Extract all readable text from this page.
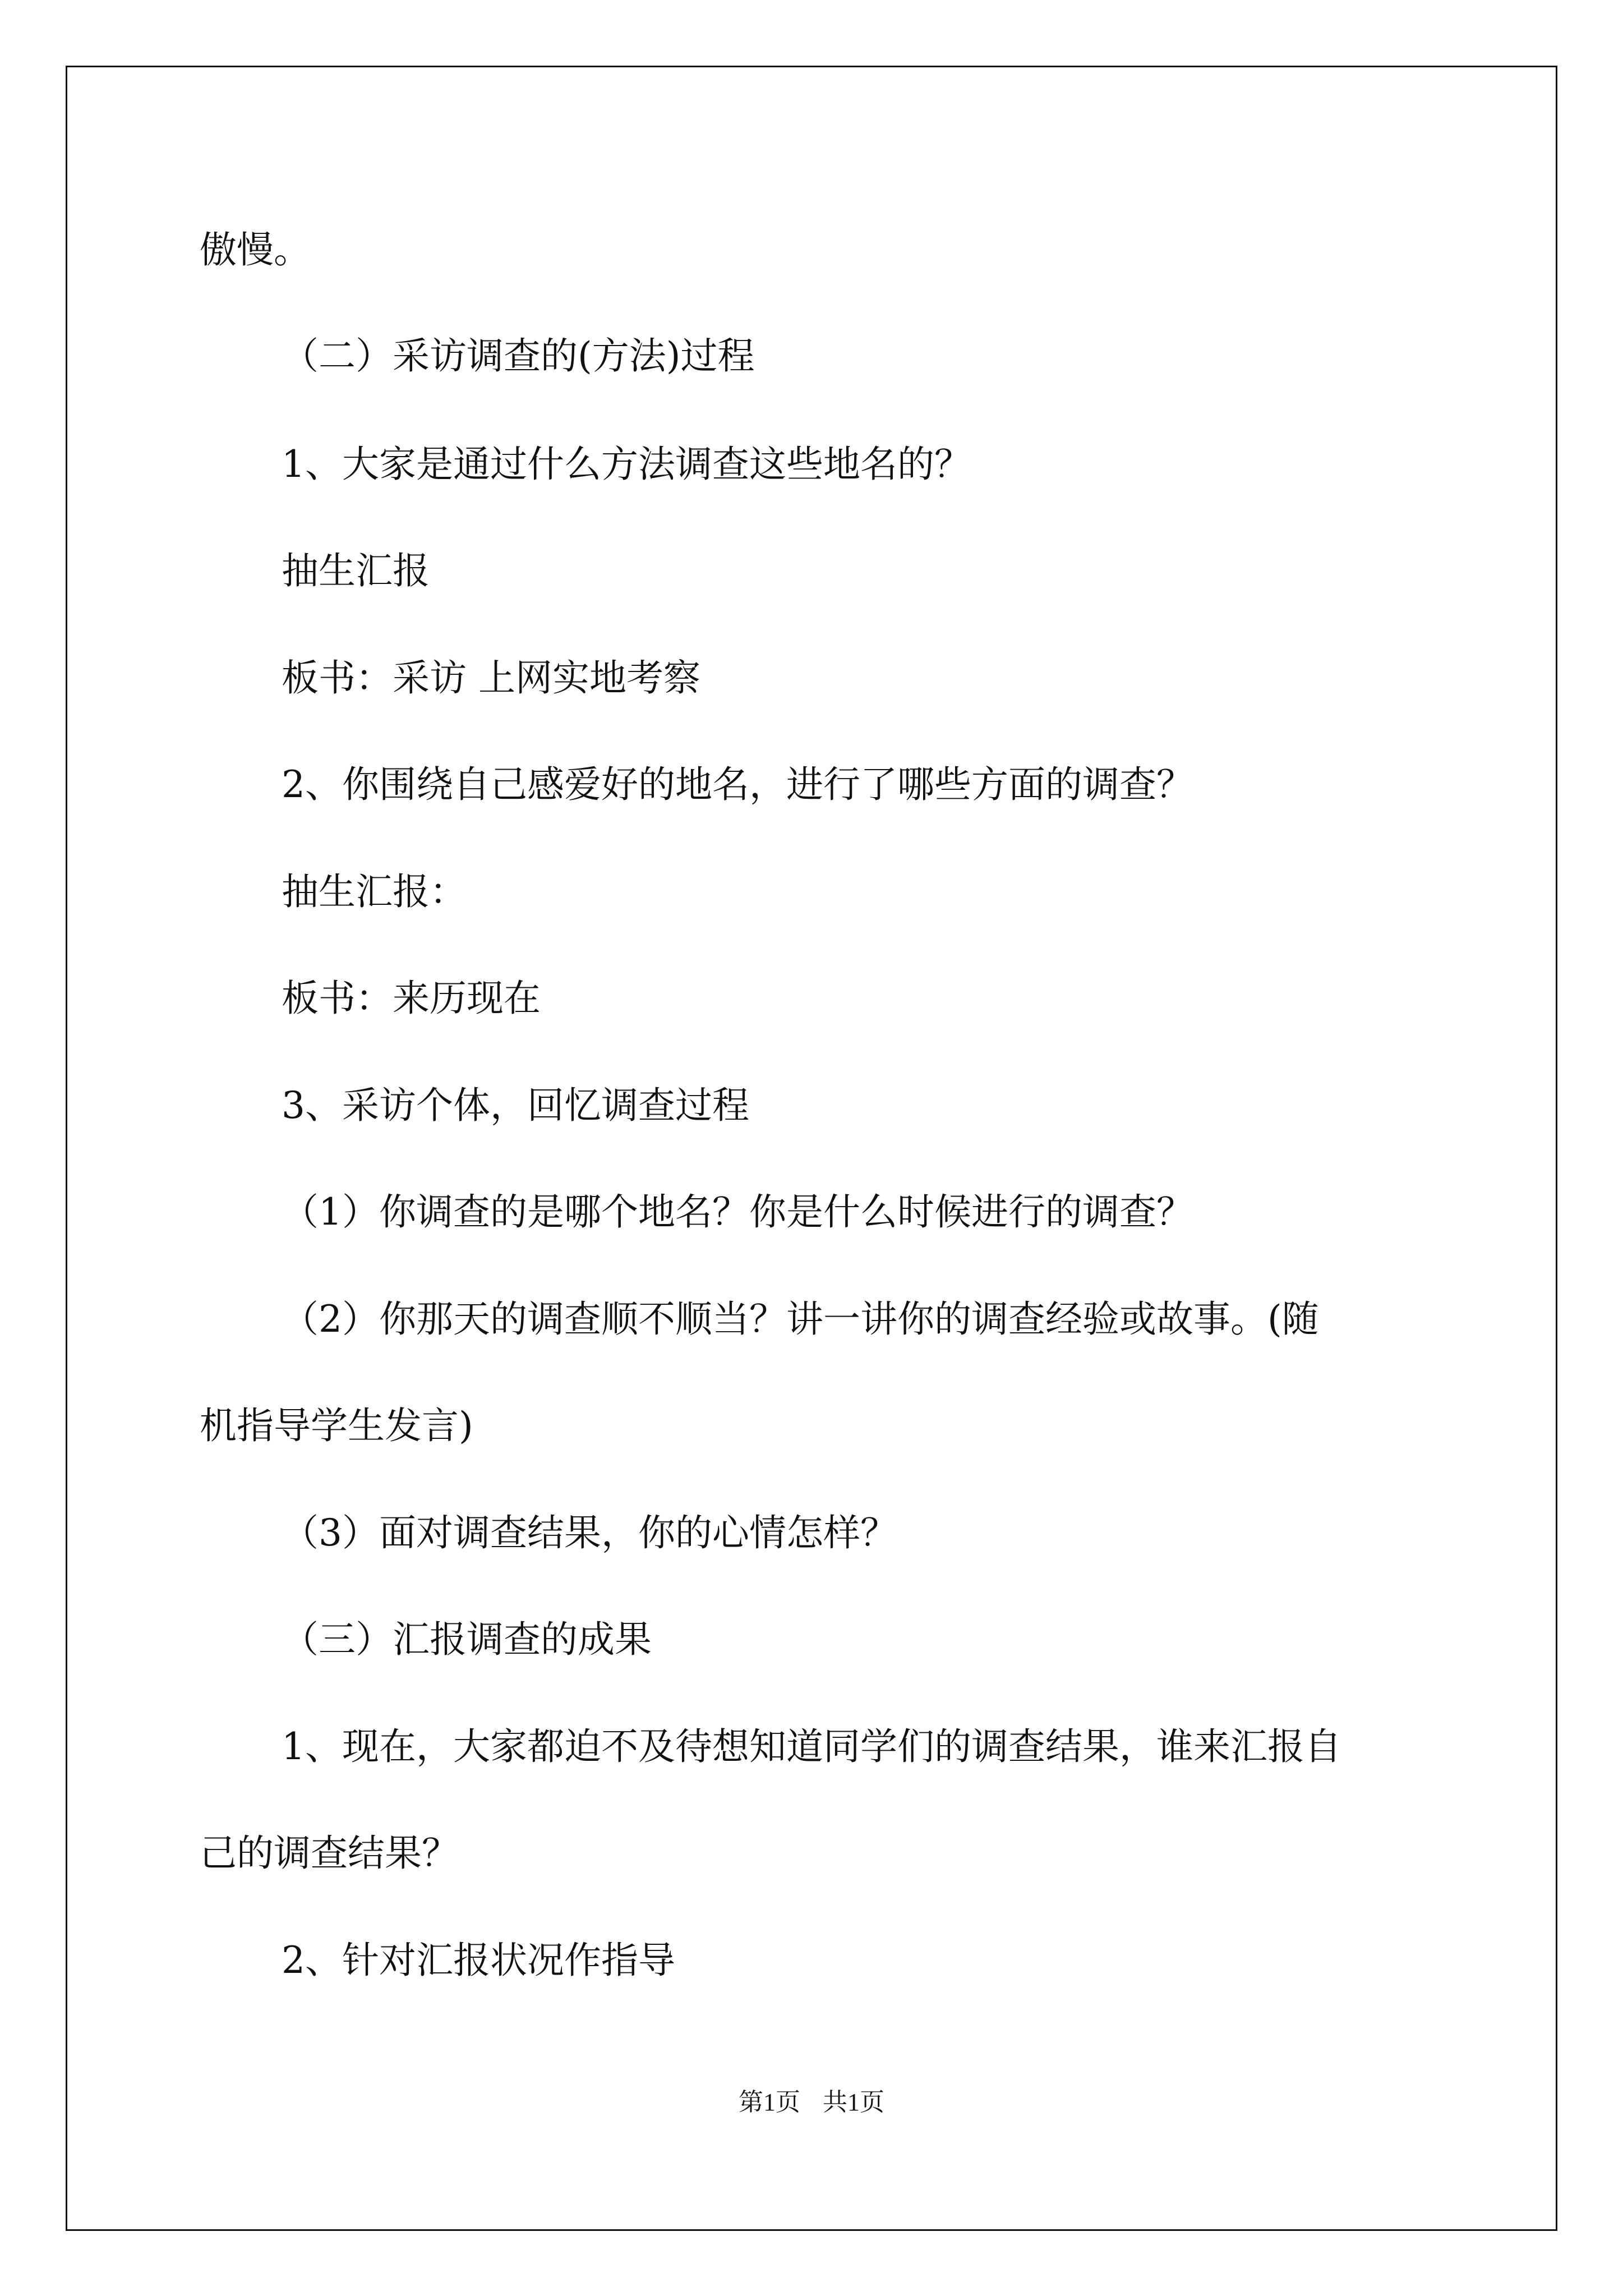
傲慢。
（二）采访调查的(方法)过程
1、大家是通过什么方法调查这些地名的？
抽生汇报
板书：采访 上网实地考察
2、你围绕自己感爱好的地名，进行了哪些方面的调查？
抽生汇报：
板书：来历现在
3、采访个体，回忆调查过程
（1）你调查的是哪个地名？你是什么时候进行的调查？
（2）你那天的调查顺不顺当？讲一讲你的调查经验或故事。(随
机指导学生发言)
（3）面对调查结果，你的心情怎样？
（三）汇报调查的成果
1、现在，大家都迫不及待想知道同学们的调查结果，谁来汇报自
己的调查结果？
2、针对汇报状况作指导
第1页 共1页
